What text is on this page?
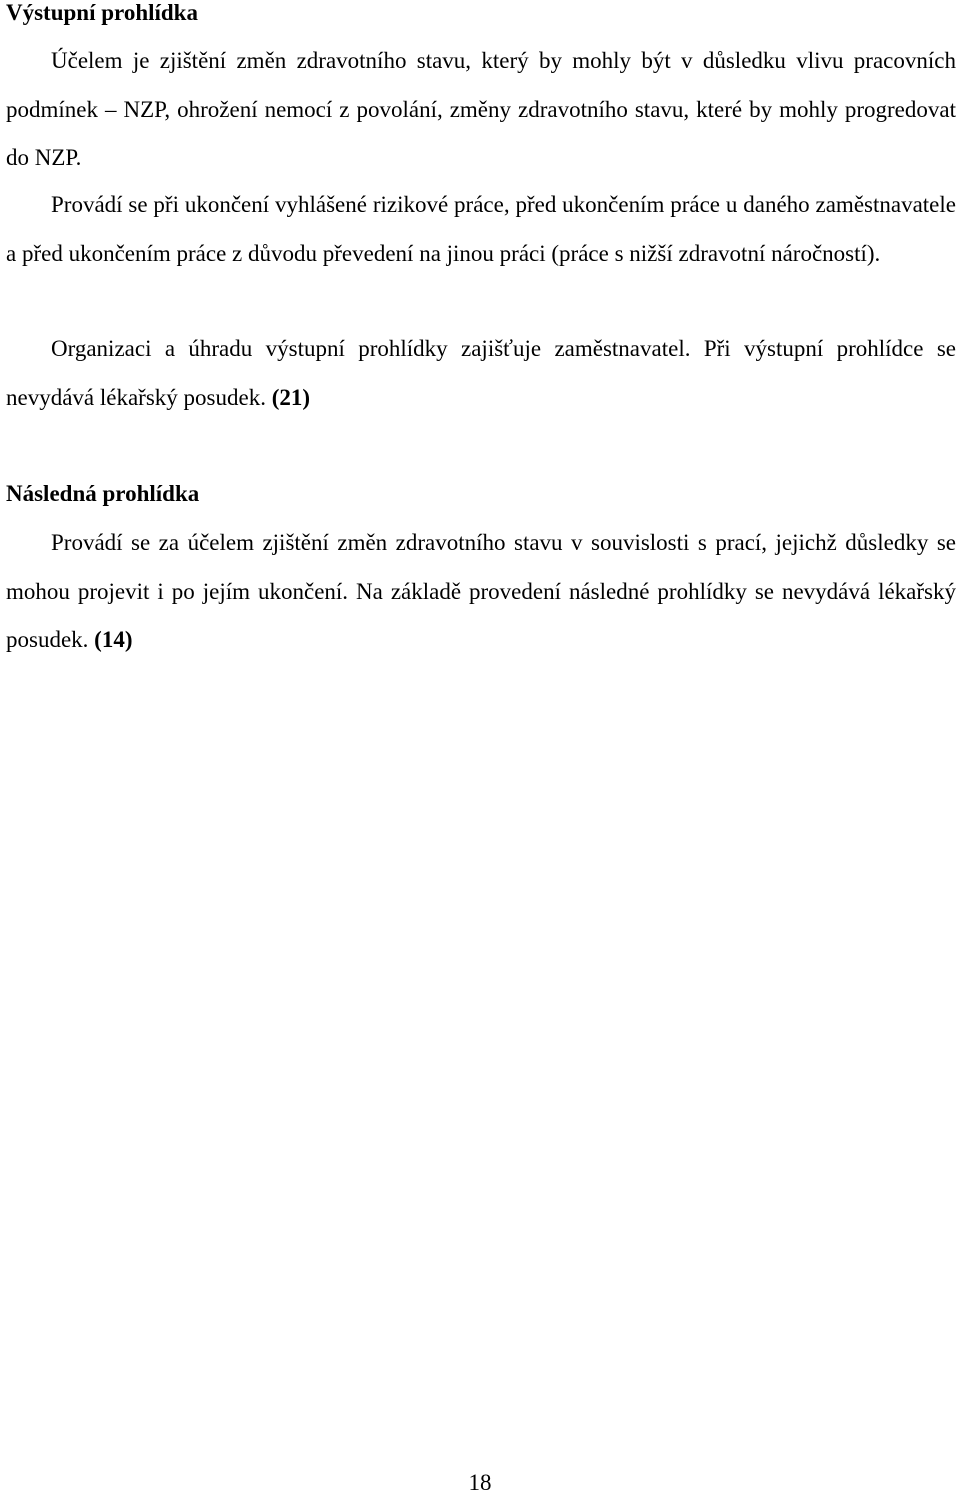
Výstupní prohlídka

Účelem je zjištění změn zdravotního stavu, který by mohly být v důsledku vlivu pracovních podmínek – NZP, ohrožení nemocí z povolání, změny zdravotního stavu, které by mohly progredovat do NZP.

Provádí se při ukončení vyhlášené rizikové práce, před ukončením práce u daného zaměstnavatele a před ukončením práce z důvodu převedení na jinou práci (práce s nižší zdravotní náročností).

Organizaci a úhradu výstupní prohlídky zajišťuje zaměstnavatel. Při výstupní prohlídce se nevydává lékařský posudek. (21)

Následná prohlídka

Provádí se za účelem zjištění změn zdravotního stavu v souvislosti s prací, jejichž důsledky se mohou projevit i po jejím ukončení. Na základě provedení následné prohlídky se nevydává lékařský posudek. (14)

18
